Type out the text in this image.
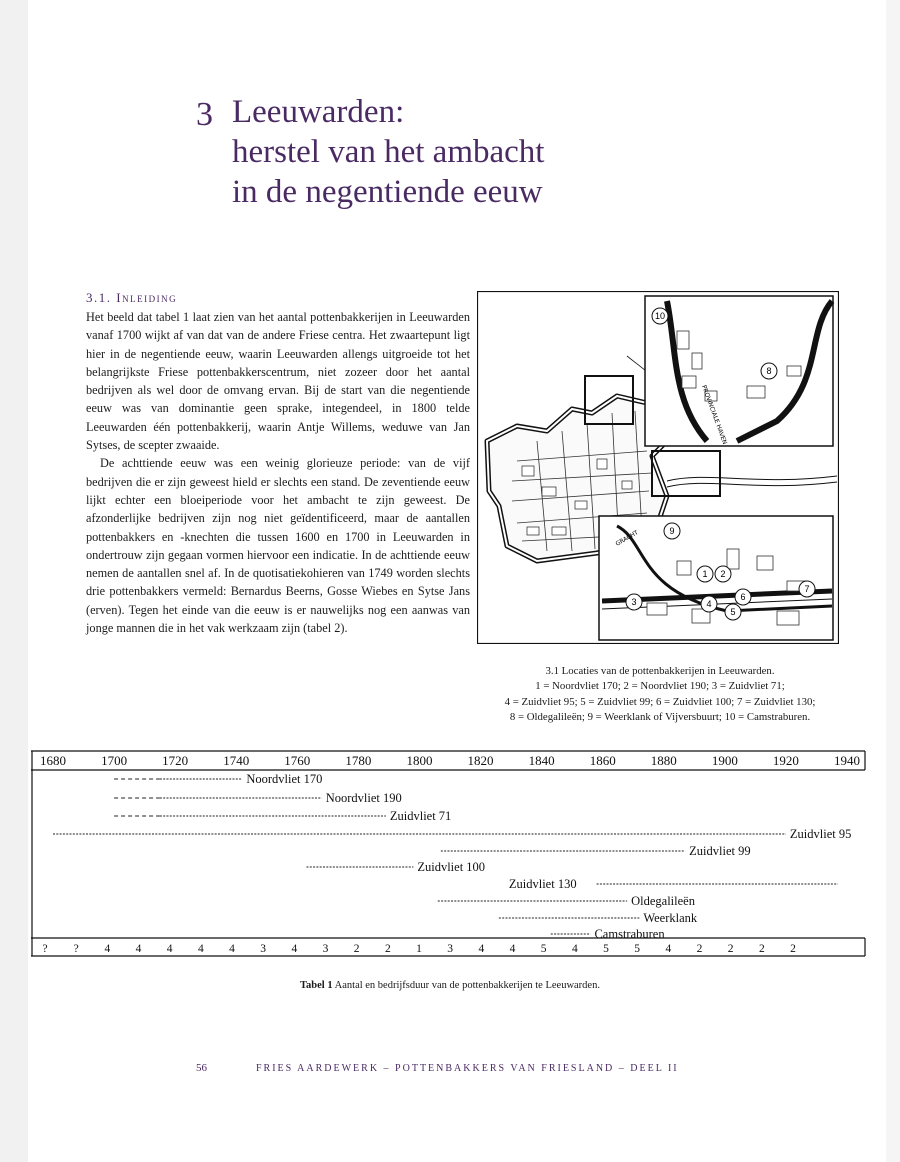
3 Leeuwarden:
herstel van het ambacht
in de negentiende eeuw
3.1. Inleiding

Het beeld dat tabel 1 laat zien van het aantal pottenbakkerijen in Leeuwarden vanaf 1700 wijkt af van dat van de andere Friese centra. Het zwaartepunt ligt hier in de negentiende eeuw, waarin Leeuwarden allengs uitgroeide tot het belangrijkste Friese pottenbakkerscentrum, niet zozeer door het aantal bedrijven als wel door de omvang ervan. Bij de start van die negentiende eeuw was van dominantie geen sprake, integendeel, in 1800 telde Leeuwarden één pottenbakkerij, waarin Antje Willems, weduwe van Jan Sytses, de scepter zwaaide.

De achttiende eeuw was een weinig glorieuze periode: van de vijf bedrijven die er zijn geweest hield er slechts een stand. De zeventiende eeuw lijkt echter een bloeiperiode voor het ambacht te zijn geweest. De afzonderlijke bedrijven zijn nog niet geïdentificeerd, maar de aantallen pottenbakkers en -knechten die tussen 1600 en 1700 in Leeuwarden in ondertrouw zijn gegaan vormen hiervoor een indicatie. In de achttiende eeuw nemen de aantallen snel af. In de quotisatiekohieren van 1749 worden slechts drie pottenbakkers vermeld: Bernardus Beerns, Gosse Wiebes en Sytse Jans (erven). Tegen het einde van die eeuw is er nauwelijks nog een aanwas van jonge mannen die in het vak werkzaam zijn (tabel 2).

PROVINCIALE HAVEN
GRACHT
10
8
7
9
1 2
3	4
5
6
3.1 Locaties van de pottenbakkerijen in Leeuwarden.
1 = Noordvliet 170; 2 = Noordvliet 190; 3 = Zuidvliet 71;
4 = Zuidvliet 95; 5 = Zuidvliet 99; 6 = Zuidvliet 100; 7 = Zuidvliet 130;
8 = Oldegalileën; 9 = Weerklank of Vijversbuurt; 10 = Camstraburen.
1680	1700	1720	1740	1760	1780	1800	1820	1840	1860	1880	1900	1920	1940
Noordvliet 170
Noordvliet 190
Zuidvliet 71
Zuidvliet 95
Zuidvliet 99
Zuidvliet 100
Zuidvliet 130
Oldegalileën
Weerklank
Camstraburen
? ? 4 4 4 4 4 3 4 3 2 2 1 3 4 4 5 4 5 5 4 2 2 2 2
Tabel 1 Aantal en bedrijfsduur van de pottenbakkerijen te Leeuwarden.
56	FRIES AARDEWERK – POTTENBAKKERS VAN FRIESLAND – DEEL II
